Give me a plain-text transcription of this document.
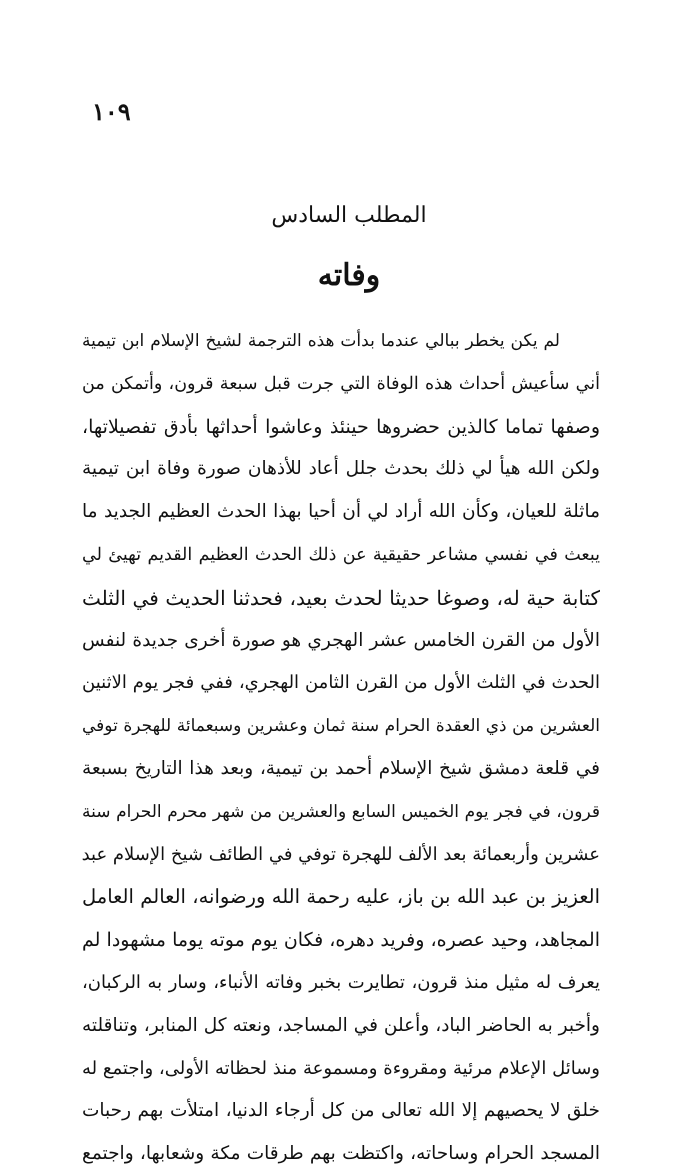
١٠٩
المطلب السادس
وفاته
لم يكن يخطر ببالي عندما بدأت هذه الترجمة لشيخ الإسلام ابن تيمية
أني سأعيش أحداث هذه الوفاة التي جرت قبل سبعة قرون، وأتمكن من
وصفها تماما كالذين حضروها حينئذ وعاشوا أحداثها بأدق تفصيلاتها،
ولكن الله هيأ لي ذلك بحدث جلل أعاد للأذهان صورة وفاة ابن تيمية
ماثلة للعيان، وكأن الله أراد لي أن أحيا بهذا الحدث العظيم الجديد ما
يبعث في نفسي مشاعر حقيقية عن ذلك الحدث العظيم القديم تهيئ لي
كتابة حية له، وصوغا حديثا لحدث بعيد، فحدثنا الحديث في الثلث
الأول من القرن الخامس عشر الهجري هو صورة أخرى جديدة لنفس
الحدث في الثلث الأول من القرن الثامن الهجري، ففي فجر يوم الاثنين
العشرين من ذي العقدة الحرام سنة ثمان وعشرين وسبعمائة للهجرة توفي
في قلعة دمشق شيخ الإسلام أحمد بن تيمية، وبعد هذا التاريخ بسبعة
قرون، في فجر يوم الخميس السابع والعشرين من شهر محرم الحرام سنة
عشرين وأربعمائة بعد الألف للهجرة توفي في الطائف شيخ الإسلام عبد
العزيز بن عبد الله بن باز، عليه رحمة الله ورضوانه، العالم العامل
المجاهد، وحيد عصره، وفريد دهره، فكان يوم موته يوما مشهودا لم
يعرف له مثيل منذ قرون، تطايرت بخبر وفاته الأنباء، وسار به الركبان،
وأخبر به الحاضر الباد، وأعلن في المساجد، ونعته كل المنابر، وتناقلته
وسائل الإعلام مرئية ومقروءة ومسموعة منذ لحظاته الأولى، واجتمع له
خلق لا يحصيهم إلا الله تعالى من كل أرجاء الدنيا، امتلأت بهم رحبات
المسجد الحرام وساحاته، واكتظت بهم طرقات مكة وشعابها، واجتمع
